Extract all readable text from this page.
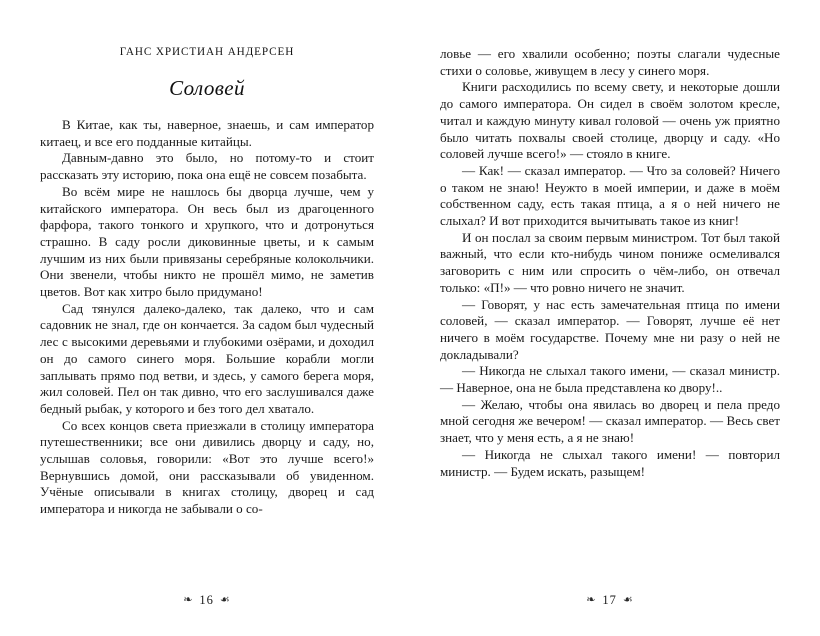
ГАНС ХРИСТИАН АНДЕРСЕН
Соловей

В Китае, как ты, наверное, знаешь, и сам император китаец, и все его подданные китайцы.

Давным-давно это было, но потому-то и стоит рассказать эту историю, пока она ещё не совсем позабыта.

Во всём мире не нашлось бы дворца лучше, чем у китайского императора. Он весь был из драгоценного фарфора, такого тонкого и хрупкого, что и дотронуться страшно. В саду росли диковинные цветы, и к самым лучшим из них были привязаны серебряные колокольчики. Они звенели, чтобы никто не прошёл мимо, не заметив цветов. Вот как хитро было придумано!

Сад тянулся далеко-далеко, так далеко, что и сам садовник не знал, где он кончается. За садом был чудесный лес с высокими деревьями и глубокими озёрами, и доходил он до самого синего моря. Большие корабли могли заплывать прямо под ветви, и здесь, у самого берега моря, жил соловей. Пел он так дивно, что его заслушивался даже бедный рыбак, у которого и без того дел хватало.

Со всех концов света приезжали в столицу императора путешественники; все они дивились дворцу и саду, но, услышав соловья, говорили: «Вот это лучше всего!» Вернувшись домой, они рассказывали об увиденном. Учёные описывали в книгах столицу, дворец и сад императора и никогда не забывали о со-

❧ 16 ☙

ловье — его хвалили особенно; поэты слагали чудесные стихи о соловье, живущем в лесу у синего моря.

Книги расходились по всему свету, и некоторые дошли до самого императора. Он сидел в своём золотом кресле, читал и каждую минуту кивал головой — очень уж приятно было читать похвалы своей столице, дворцу и саду. «Но соловей лучше всего!» — стояло в книге.

— Как! — сказал император. — Что за соловей? Ничего о таком не знаю! Неужто в моей империи, и даже в моём собственном саду, есть такая птица, а я о ней ничего не слыхал? И вот приходится вычитывать такое из книг!

И он послал за своим первым министром. Тот был такой важный, что если кто-нибудь чином пониже осмеливался заговорить с ним или спросить о чём-либо, он отвечал только: «П!» — что ровно ничего не значит.

— Говорят, у нас есть замечательная птица по имени соловей, — сказал император. — Говорят, лучше её нет ничего в моём государстве. Почему мне ни разу о ней не докладывали?

— Никогда не слыхал такого имени, — сказал министр. — Наверное, она не была представлена ко двору!..

— Желаю, чтобы она явилась во дворец и пела предо мной сегодня же вечером! — сказал император. — Весь свет знает, что у меня есть, а я не знаю!

— Никогда не слыхал такого имени! — повторил министр. — Будем искать, разыщем!

❧ 17 ☙
